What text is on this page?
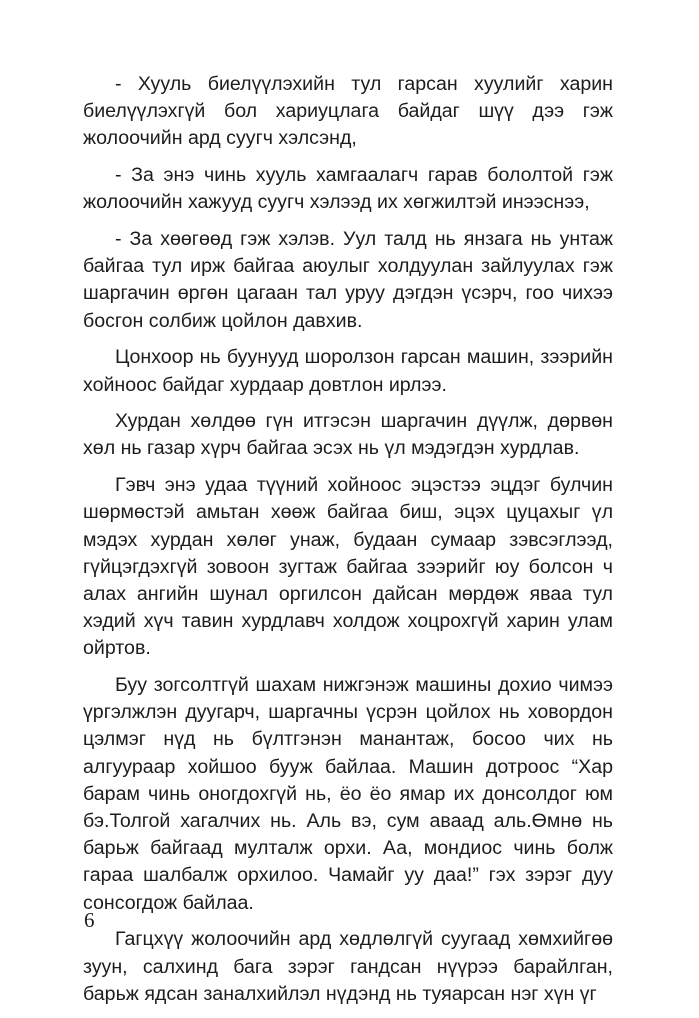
- Хууль биелүүлэхийн тул гарсан хуулийг харин биелүүлэхгүй бол хариуцлага байдаг шүү дээ гэж жолоочийн ард суугч хэлсэнд,

- За энэ чинь хууль хамгаалагч гарав бололтой гэж жолоочийн хажууд суугч хэлээд их хөгжилтэй инээснээ,

- За хөөгөөд гэж хэлэв. Уул талд нь янзага нь унтаж байгаа тул ирж байгаа аюулыг холдуулан зайлуулах гэж шаргачин өргөн цагаан тал уруу дэгдэн үсэрч, гоо чихээ босгон солбиж цойлон давхив.

Цонхоор нь буунууд шоролзон гарсан машин, зээрийн хойноос байдаг хурдаар довтлон ирлээ.

Хурдан хөлдөө гүн итгэсэн шаргачин дүүлж, дөрвөн хөл нь газар хүрч байгаа эсэх нь үл мэдэгдэн хурдлав.

Гэвч энэ удаа түүний хойноос эцэстээ эцдэг булчин шөрмөстэй амьтан хөөж байгаа биш, эцэх цуцахыг үл мэдэх хурдан хөлөг унаж, будаан сумаар зэвсэглээд, гүйцэгдэхгүй зовоон зугтаж байгаа зээрийг юу болсон ч алах ангийн шунал оргилсон дайсан мөрдөж яваа тул хэдий хүч тавин хурдлавч холдож хоцрохгүй харин улам ойртов.

Буу зогсолтгүй шахам нижгэнэж машины дохио чимээ үргэлжлэн дуугарч, шаргачны үсрэн цойлох нь ховордон цэлмэг нүд нь бүлтгэнэн манантаж, босоо чих нь алгуураар хойшоо бууж байлаа. Машин дотроос “Хар барам чинь оногдохгүй нь, ёо ёо ямар их донсолдог юм бэ.Толгой хагалчих нь. Аль вэ, сум аваад аль.Өмнө нь барьж байгаад мулталж орхи. Аа, мондиос чинь болж гараа шалбалж орхилоо. Чамайг уу даа!” гэх зэрэг дуу сонсогдож байлаа.

Гагцхүү жолоочийн ард хөдлөлгүй суугаад хөмхийгөө зуун, салхинд бага зэрэг гандсан нүүрээ барайлган, барьж ядсан заналхийлэл нүдэнд нь туяарсан нэг хүн үг

6
